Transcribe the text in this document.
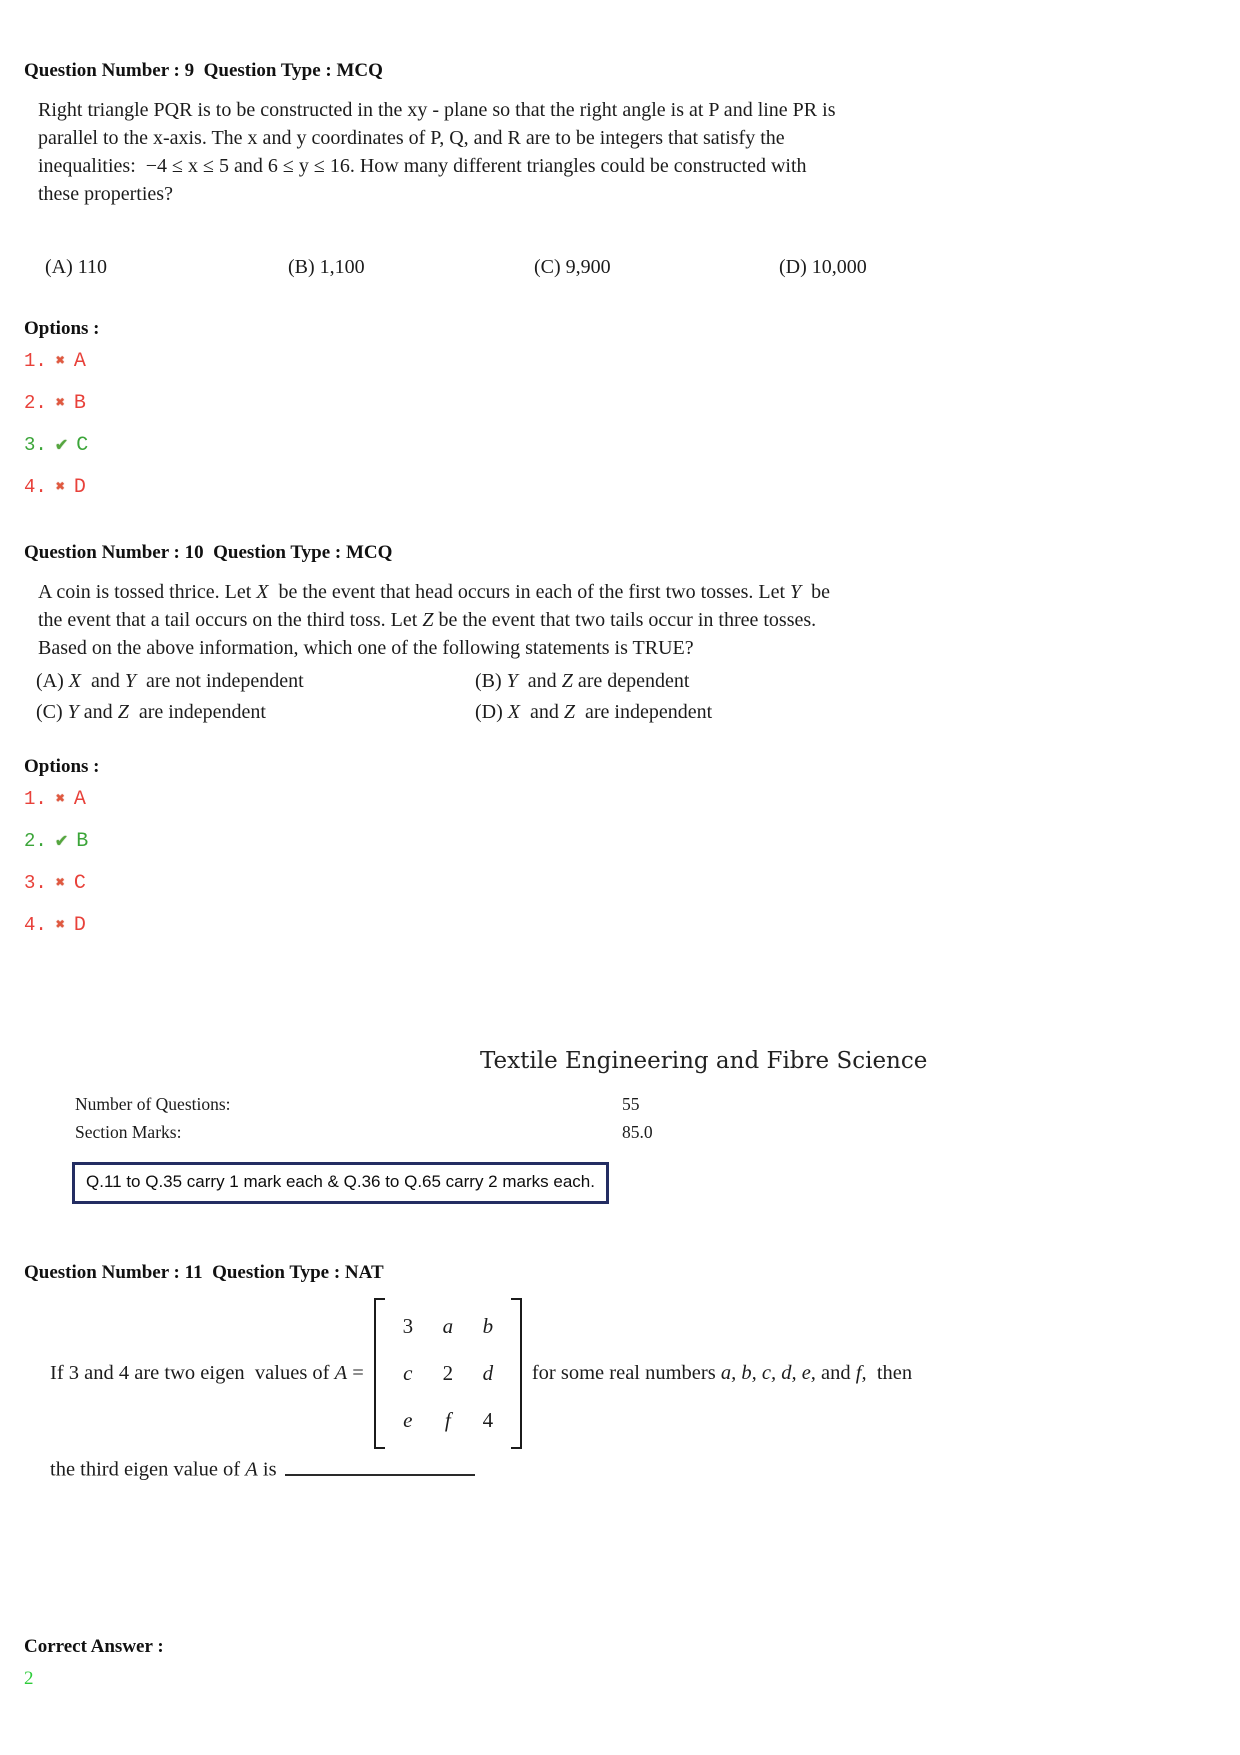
Question Number : 9  Question Type : MCQ
Right triangle PQR is to be constructed in the xy - plane so that the right angle is at P and line PR is
parallel to the x-axis. The x and y coordinates of P, Q, and R are to be integers that satisfy the
inequalities:  −4 ≤ x ≤ 5 and 6 ≤ y ≤ 16. How many different triangles could be constructed with
these properties?
(A) 110	(B) 1,100	(C) 9,900	(D) 10,000
Options :
1. ✖ A
2. ✖ B
3. ✔ C
4. ✖ D
Question Number : 10  Question Type : MCQ
A coin is tossed thrice. Let X  be the event that head occurs in each of the first two tosses. Let Y  be
the event that a tail occurs on the third toss. Let Z be the event that two tails occur in three tosses.
Based on the above information, which one of the following statements is TRUE?
(A) X  and Y  are not independent	(B) Y  and Z are dependent
(C) Y and Z  are independent	(D) X  and Z  are independent
Options :
1. ✖ A
2. ✔ B
3. ✖ C
4. ✖ D
Textile Engineering and Fibre Science
Number of Questions:	55
Section Marks:	85.0
Q.11 to Q.35 carry 1 mark each & Q.36 to Q.65 carry 2 marks each.
Question Number : 11  Question Type : NAT
If 3 and 4 are two eigen  values of A =
3	a	b
c	2	d
e	f	4
for some real numbers a, b, c, d, e, and f,  then
the third eigen value of A is
Correct Answer :
2
